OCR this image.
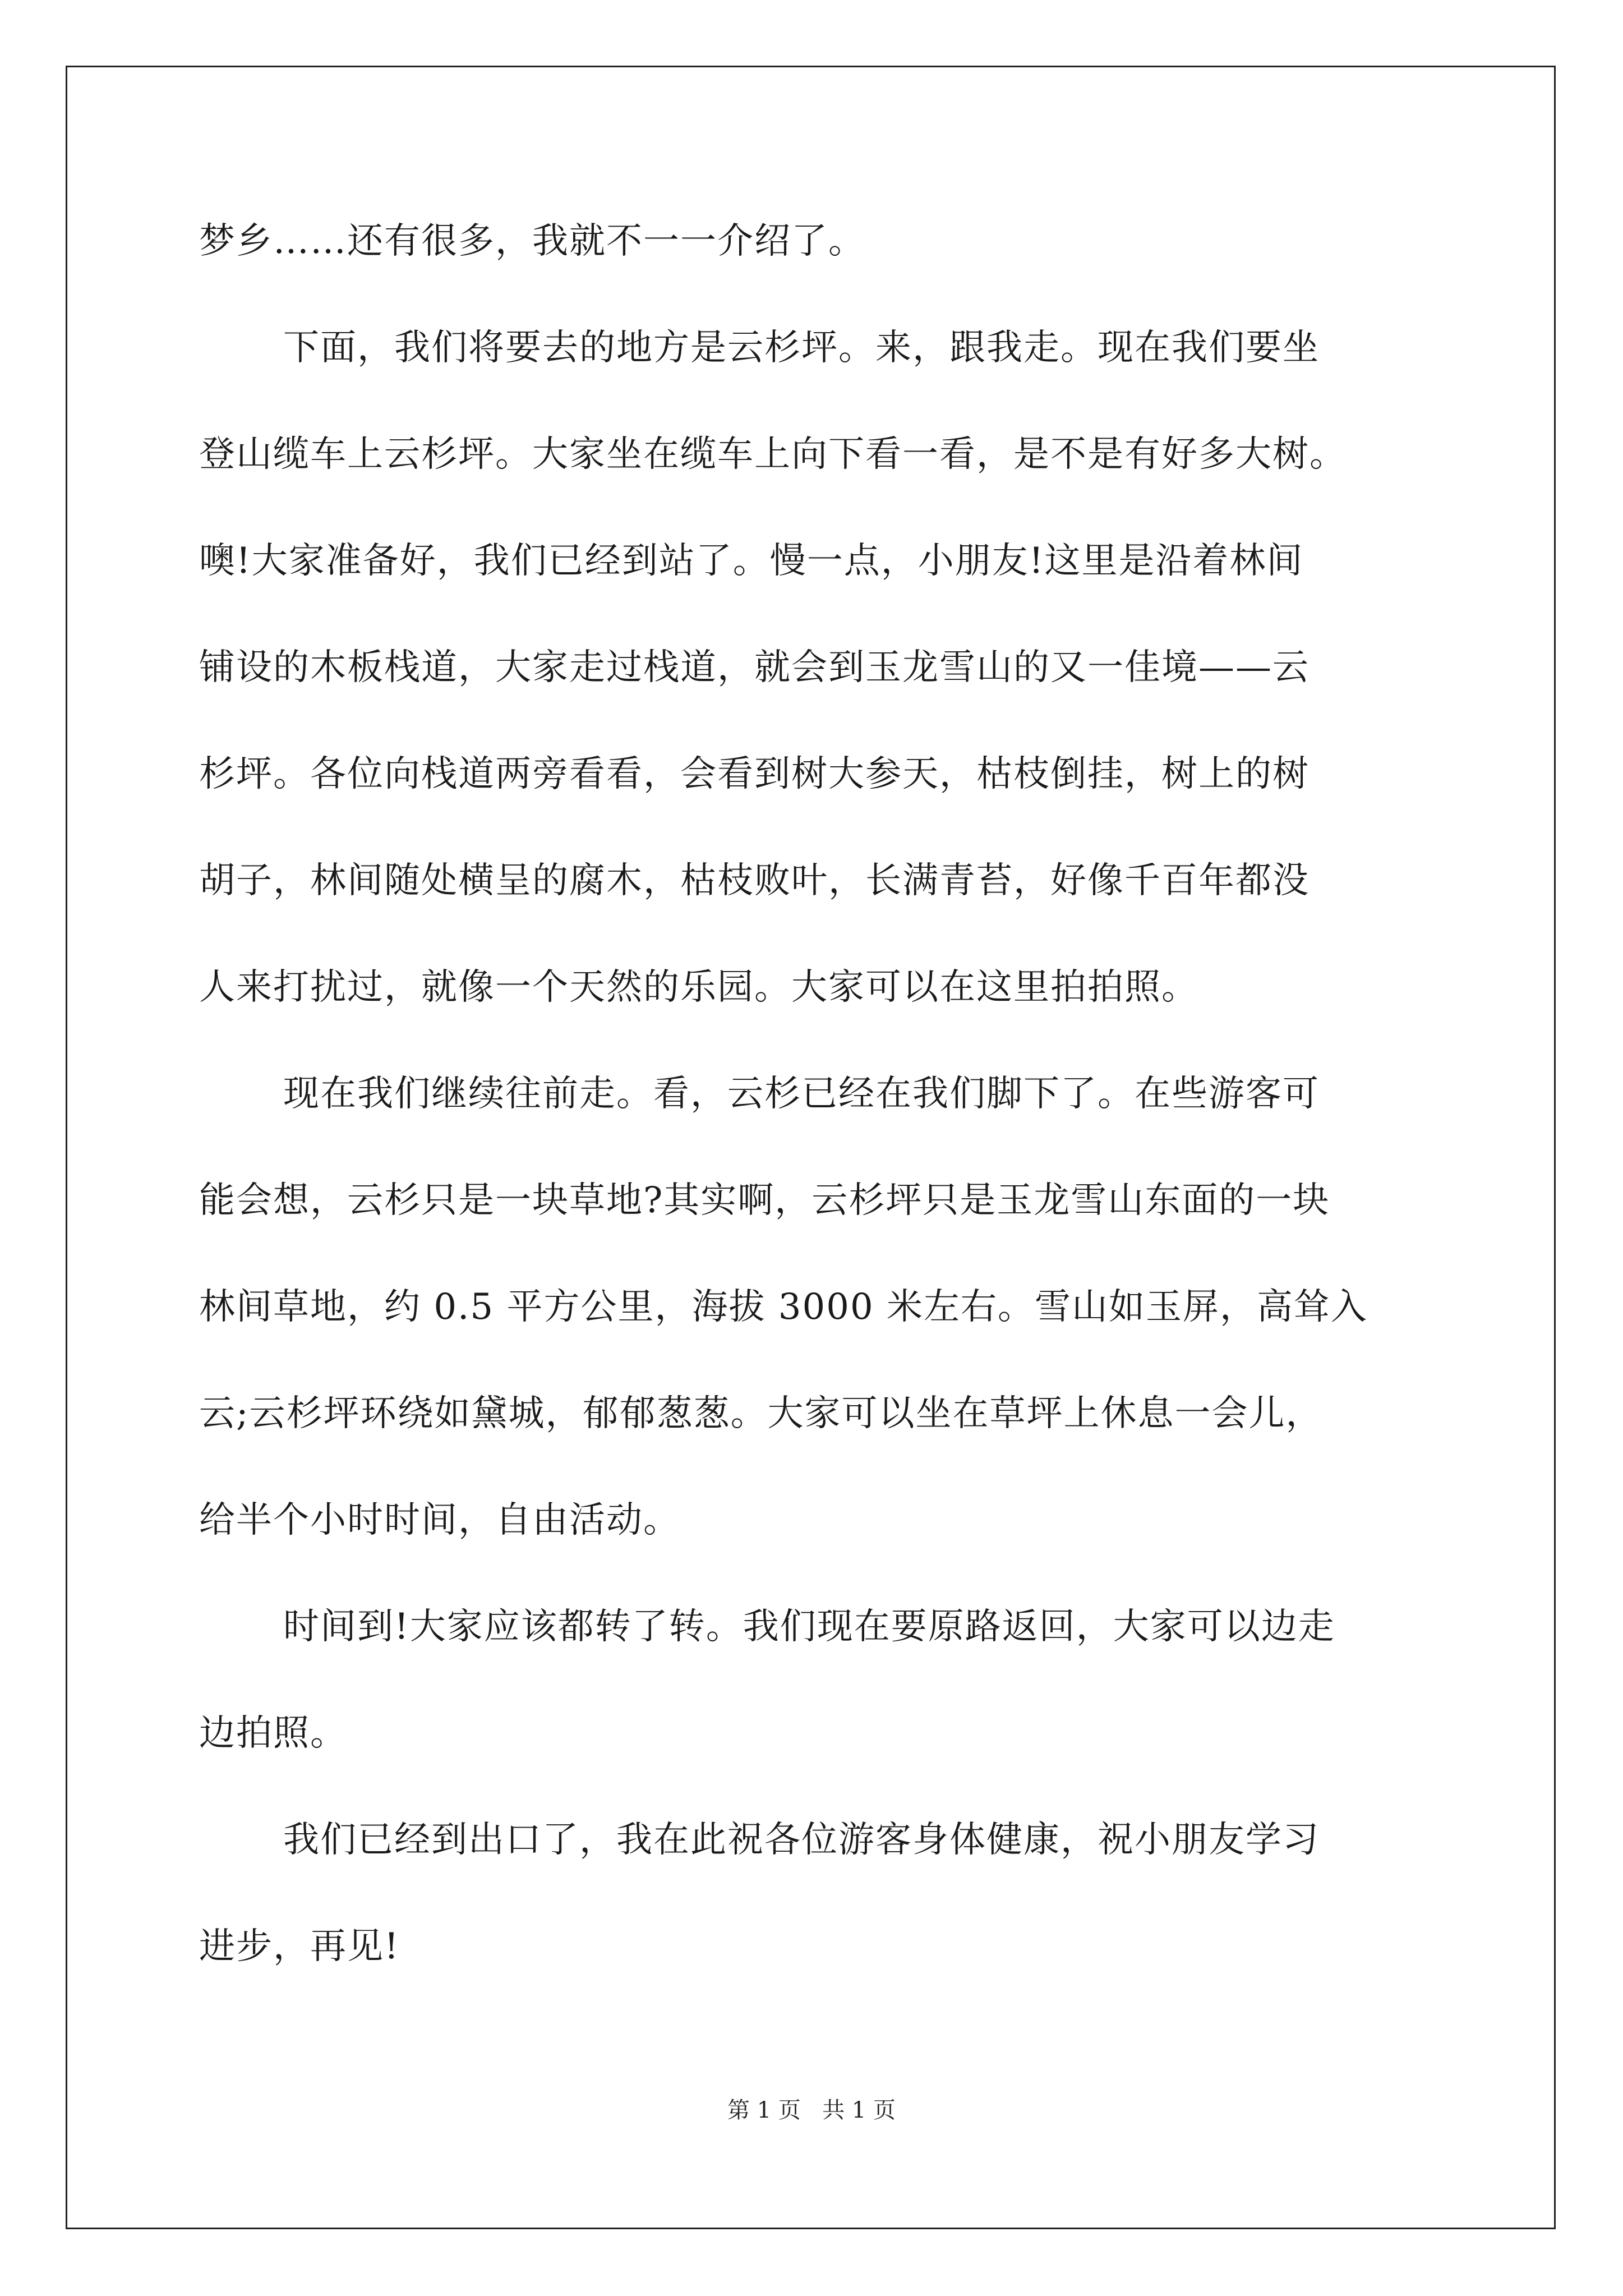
梦乡……还有很多，我就不一一介绍了。
下面，我们将要去的地方是云杉坪。来，跟我走。现在我们要坐
登山缆车上云杉坪。大家坐在缆车上向下看一看，是不是有好多大树。
噢!大家准备好，我们已经到站了。慢一点，小朋友!这里是沿着林间
铺设的木板栈道，大家走过栈道，就会到玉龙雪山的又一佳境——云
杉坪。各位向栈道两旁看看，会看到树大参天，枯枝倒挂，树上的树
胡子，林间随处横呈的腐木，枯枝败叶，长满青苔，好像千百年都没
人来打扰过，就像一个天然的乐园。大家可以在这里拍拍照。
现在我们继续往前走。看，云杉已经在我们脚下了。在些游客可
能会想，云杉只是一块草地?其实啊，云杉坪只是玉龙雪山东面的一块
林间草地，约 0.5 平方公里，海拔 3000 米左右。雪山如玉屏，高耸入
云;云杉坪环绕如黛城，郁郁葱葱。大家可以坐在草坪上休息一会儿，
给半个小时时间，自由活动。
时间到!大家应该都转了转。我们现在要原路返回，大家可以边走
边拍照。
我们已经到出口了，我在此祝各位游客身体健康，祝小朋友学习
进步，再见!
第 1 页 共 1 页
